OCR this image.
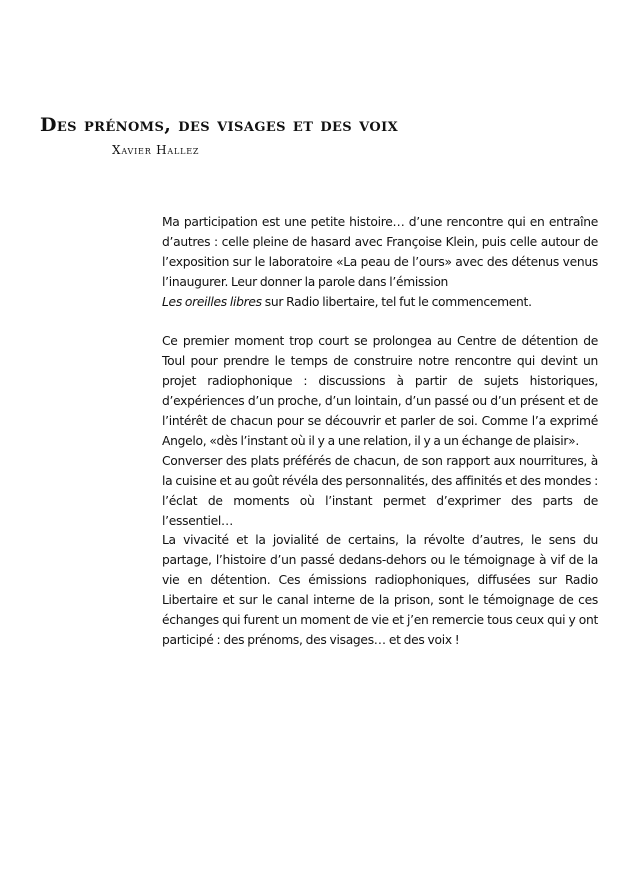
Des prénoms, des visages et des voix
Xavier Hallez

Ma participation est une petite histoire… d’une rencontre qui en entraîne d’autres : celle pleine de hasard avec Françoise Klein, puis celle autour de l’exposition sur le laboratoire «La peau de l’ours» avec des détenus venus l’inaugurer. Leur donner la parole dans l’émission
Les oreilles libres sur Radio libertaire, tel fut le commencement.

Ce premier moment trop court se prolongea au Centre de détention de Toul pour prendre le temps de construire notre rencontre qui devint un projet radiophonique : discussions à partir de sujets historiques, d’expériences d’un proche, d’un lointain, d’un passé ou d’un présent et de l’intérêt de chacun pour se découvrir et parler de soi. Comme l’a exprimé Angelo, «dès l’instant où il y a une relation, il y a un échange de plaisir».

Converser des plats préférés de chacun, de son rapport aux nourritures, à la cuisine et au goût révéla des personnalités, des affinités et des mondes : l’éclat de moments où l’instant permet d’exprimer des parts de l’essentiel…

La vivacité et la jovialité de certains, la révolte d’autres, le sens du partage, l’histoire d’un passé dedans-dehors ou le témoignage à vif de la vie en détention. Ces émissions radiophoniques, diffusées sur Radio Libertaire et sur le canal interne de la prison, sont le témoignage de ces échanges qui furent un moment de vie et j’en remercie tous ceux qui y ont participé : des prénoms, des visages… et des voix !
